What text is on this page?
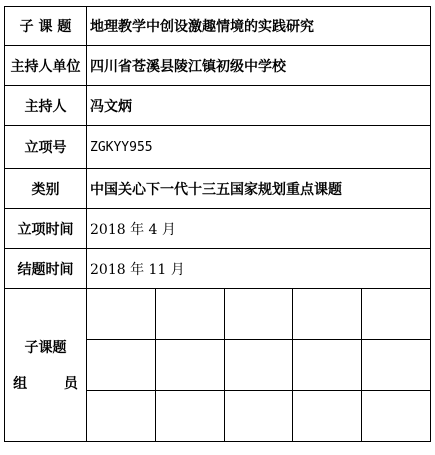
子 课 题	地理教学中创设激趣情境的实践研究
主持人单位	四川省苍溪县陵江镇初级中学校
主持人	冯文炳
立项号	ZGKYY955
类别	中国关心下一代十三五国家规划重点课题
立项时间	2018 年 4 月
结题时间	2018 年 11 月

子课题
组 员
